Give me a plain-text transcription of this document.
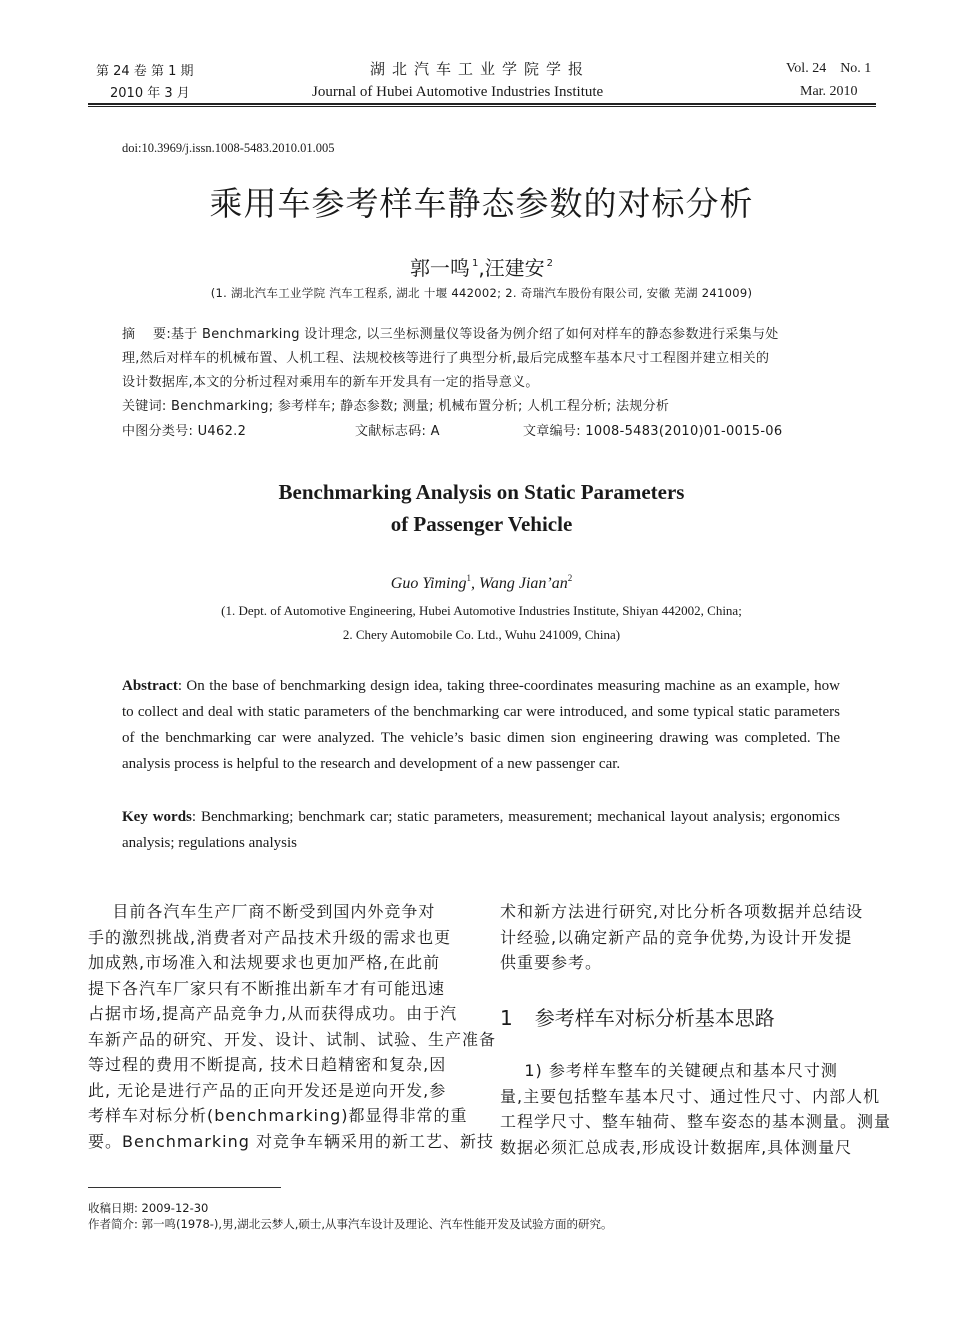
第 24 卷 第 1 期
2010 年 3 月
湖北汽车工业学院学报
Journal of Hubei Automotive Industries Institute
Vol. 24    No. 1
Mar. 2010
doi:10.3969/j.issn.1008-5483.2010.01.005
乘用车参考样车静态参数的对标分析
郭一鸣 $^1$,汪建安 $^2$
(1. 湖北汽车工业学院 汽车工程系, 湖北 十堰 442002; 2. 奇瑞汽车股份有限公司, 安徽 芜湖 241009)
摘    要:基于 Benchmarking 设计理念, 以三坐标测量仪等设备为例介绍了如何对样车的静态参数进行采集与处
理,然后对样车的机械布置、人机工程、法规校核等进行了典型分析,最后完成整车基本尺寸工程图并建立相关的
设计数据库,本文的分析过程对乘用车的新车开发具有一定的指导意义。
关键词: Benchmarking; 参考样车; 静态参数; 测量; 机械布置分析; 人机工程分析; 法规分析
中图分类号: U462.2	文献标志码: A	文章编号: 1008-5483(2010)01-0015-06
Benchmarking Analysis on Static Parameters
of Passenger Vehicle
Guo Yiming$^1$, Wang $Jian’an^2$
(1. Dept. of Automotive Engineering, Hubei Automotive Industries Institute, Shiyan 442002, China;
2. Chery Automobile Co. Ltd., Wuhu 241009, China)
Abstract: On the base of benchmarking design idea, taking three-coordinates measuring machine as an example, how to collect and deal with static parameters of the benchmarking car were introduced, and some typical static parameters of the benchmarking car were analyzed. The vehicle’s basic dimen sion engineering drawing was completed. The analysis process is helpful to the research and development of a new passenger car.
Key words: Benchmarking; benchmark car; static parameters, measurement; mechanical layout analysis; ergonomics analysis; regulations analysis
目前各汽车生产厂商不断受到国内外竞争对
手的激烈挑战,消费者对产品技术升级的需求也更
加成熟,市场准入和法规要求也更加严格,在此前
提下各汽车厂家只有不断推出新车才有可能迅速
占据市场,提高产品竞争力,从而获得成功。由于汽
车新产品的研究、开发、设计、试制、试验、生产准备
等过程的费用不断提高, 技术日趋精密和复杂,因
此, 无论是进行产品的正向开发还是逆向开发,参
考样车对标分析(benchmarking)都显得非常的重
要。Benchmarking 对竞争车辆采用的新工艺、新技
术和新方法进行研究,对比分析各项数据并总结设
计经验,以确定新产品的竞争优势,为设计开发提
供重要参考。
1 参考样车对标分析基本思路
1) 参考样车整车的关键硬点和基本尺寸测
量,主要包括整车基本尺寸、通过性尺寸、内部人机
工程学尺寸、整车轴荷、整车姿态的基本测量。测量
数据必须汇总成表,形成设计数据库,具体测量尺
收稿日期: 2009-12-30
作者简介: 郭一鸣(1978-),男,湖北云梦人,硕士,从事汽车设计及理论、汽车性能开发及试验方面的研究。
